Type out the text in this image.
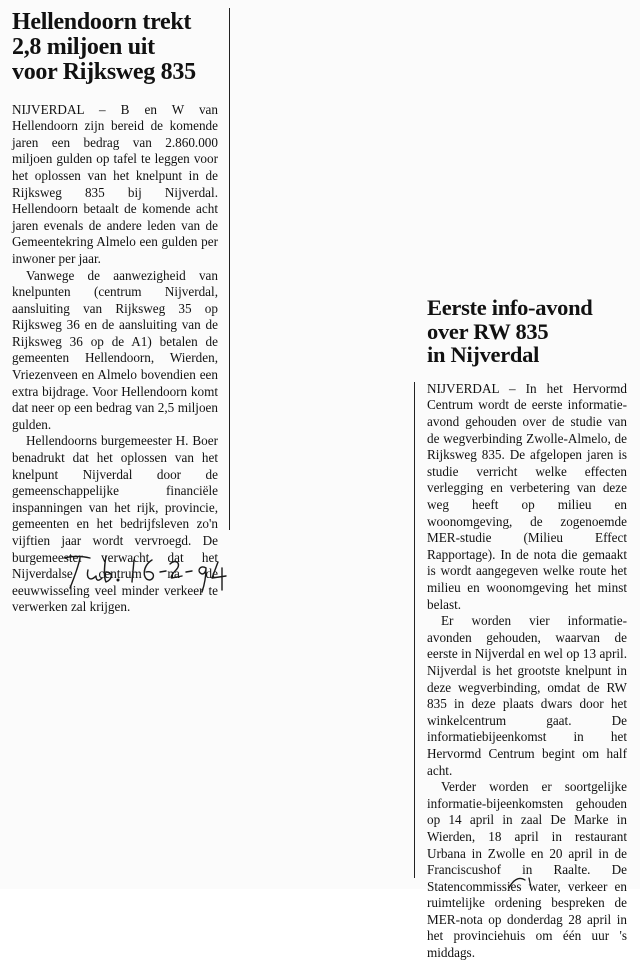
Hellendoorn trekt
2,8 miljoen uit
voor Rijksweg 835

NIJVERDAL – B en W van Hellendoorn zijn bereid de komende jaren een bedrag van 2.860.000 miljoen gulden op tafel te leggen voor het oplossen van het knelpunt in de Rijksweg 835 bij Nijverdal. Hellendoorn betaalt de komende acht jaren evenals de andere leden van de Gemeentekring Almelo een gulden per inwoner per jaar.

Vanwege de aanwezigheid van knelpunten (centrum Nijverdal, aansluiting van Rijksweg 35 op Rijksweg 36 en de aansluiting van de Rijksweg 36 op de A1) betalen de gemeenten Hellendoorn, Wierden, Vriezenveen en Almelo bovendien een extra bijdrage. Voor Hellendoorn komt dat neer op een bedrag van 2,5 miljoen gulden.

Hellendoorns burgemeester H. Boer benadrukt dat het oplossen van het knelpunt Nijverdal door de gemeenschappelijke financiële inspanningen van het rijk, provincie, gemeenten en het bedrijfsleven zo'n vijftien jaar wordt vervroegd. De burgemeester verwacht dat het Nijverdalse centrum na de eeuwwisseling veel minder verkeer te verwerken zal krijgen.

Eerste info-avond
over RW 835
in Nijverdal

NIJVERDAL – In het Hervormd Centrum wordt de eerste informatie-avond gehouden over de studie van de wegverbinding Zwolle-Almelo, de Rijksweg 835. De afgelopen jaren is studie verricht welke effecten verlegging en verbetering van deze weg heeft op milieu en woonomgeving, de zogenoemde MER-studie (Milieu Effect Rapportage). In de nota die gemaakt is wordt aangegeven welke route het milieu en woonomgeving het minst belast.

Er worden vier informatie-avonden gehouden, waarvan de eerste in Nijverdal en wel op 13 april. Nijverdal is het grootste knelpunt in deze wegverbinding, omdat de RW 835 in deze plaats dwars door het winkelcentrum gaat. De informatiebijeenkomst in het Hervormd Centrum begint om half acht.

Verder worden er soortgelijke informatie-bijeenkomsten gehouden op 14 april in zaal De Marke in Wierden, 18 april in restaurant Urbana in Zwolle en 20 april in de Franciscushof in Raalte. De Statencommissies water, verkeer en ruimtelijke ordening bespreken de MER-nota op donderdag 28 april in het provinciehuis om één uur 's middags.
